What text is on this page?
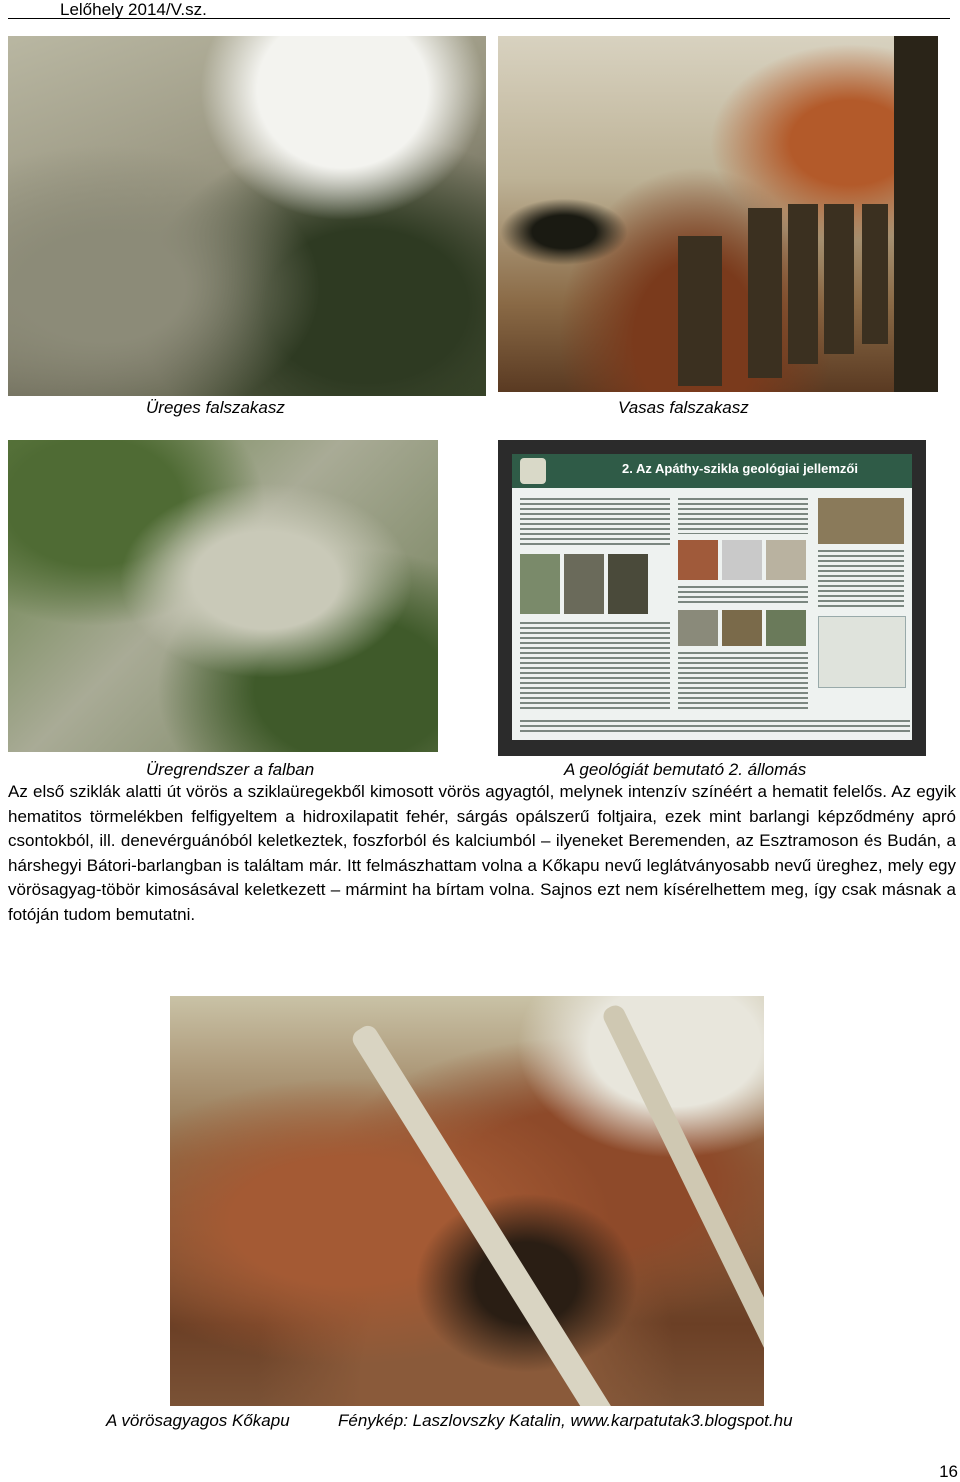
Lelőhely 2014/V.sz.
Üreges falszakasz	Vasas falszakasz
2. Az Apáthy-szikla geológiai jellemzői
Üregrendszer a falban	A geológiát bemutató 2. állomás
Az első sziklák alatti út vörös a sziklaüregekből kimosott vörös agyagtól, melynek intenzív színéért a hematit felelős. Az egyik hematitos törmelékben felfigyeltem a hidroxilapatit fehér, sárgás opálszerű foltjaira, ezek mint barlangi képződmény apró csontokból, ill. denevérguánóból keletkeztek, foszforból és kalciumból – ilyeneket Beremenden, az Esztramoson és Budán, a hárshegyi Bátori-barlangban is találtam már. Itt felmászhattam volna a Kőkapu nevű leglátványosabb nevű üreghez, mely egy vörösagyag-töbör kimosásával keletkezett – mármint ha bírtam volna. Sajnos ezt nem kísérelhettem meg, így csak másnak a fotóján tudom bemutatni.
A vörösagyagos Kőkapu	Fénykép: Laszlovszky Katalin, www.karpatutak3.blogspot.hu
16
